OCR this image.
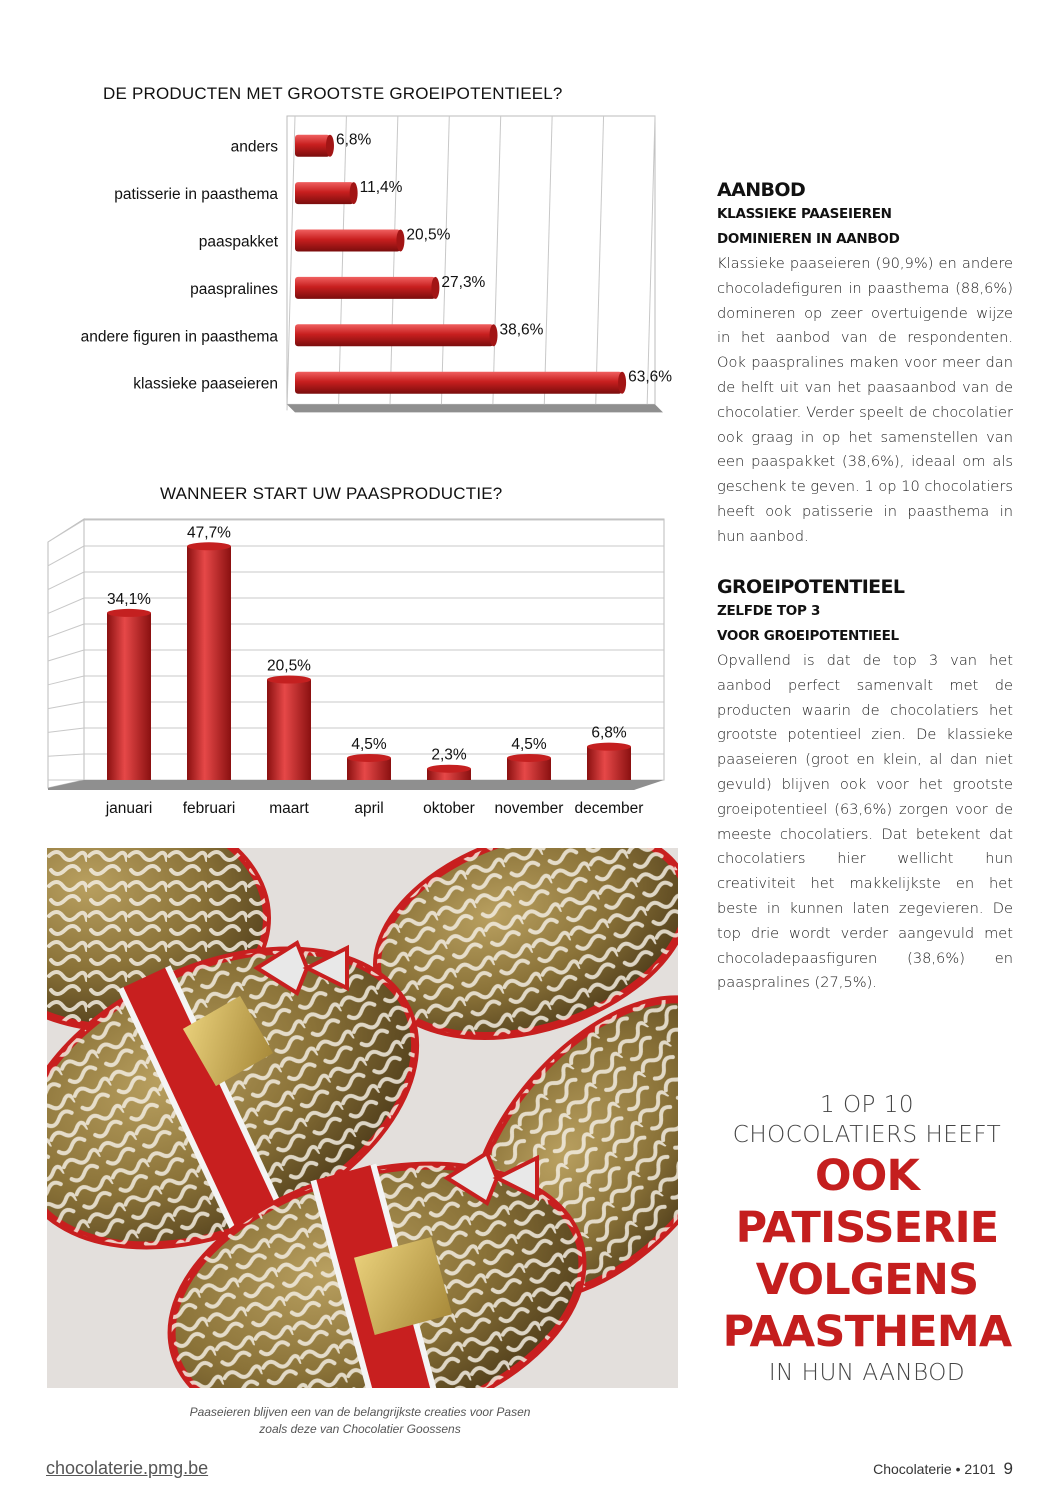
DE PRODUCTEN MET GROOTSTE GROEIPOTENTIEEL?
anders	6,8%
patisserie in paasthema	11,4%
paaspakket	20,5%
paaspralines	27,3%
andere figuren in paasthema	38,6%
klassieke paaseieren	63,6%
WANNEER START UW PAASPRODUCTIE?
34,1%
januari
47,7%
februari
20,5%
maart
4,5%
april
2,3%
oktober
4,5%
november
6,8%
december
AANBOD
KLASSIEKE PAASEIEREN
DOMINIEREN IN AANBOD

Klassieke paaseieren (90,9%) en andere chocoladefiguren in paasthema (88,6%) domineren op zeer overtuigende wijze in het aanbod van de respondenten. Ook paaspralines maken voor meer dan de helft uit van het paasaanbod van de chocolatier. Verder speelt de chocolatier ook graag in op het samenstellen van een paaspakket (38,6%), ideaal om als geschenk te geven. 1 op 10 chocolatiers heeft ook patisserie in paasthema in hun aanbod.

GROEIPOTENTIEEL
ZELFDE TOP 3
VOOR GROEIPOTENTIEEL

Opvallend is dat de top 3 van het aanbod perfect samenvalt met de producten waarin de chocolatiers het grootste potentieel zien. De klassieke paaseieren (groot en klein, al dan niet gevuld) blijven ook voor het grootste groeipotentieel (63,6%) zorgen voor de meeste chocolatiers. Dat betekent dat chocolatiers hier wellicht hun creativiteit het makkelijkste en het beste in kunnen laten zegevieren. De top drie wordt verder aangevuld met chocoladepaasfiguren (38,6%) en paaspralines (27,5%).

1 OP 10
CHOCOLATIERS HEEFT
OOK
PATISSERIE
VOLGENS
PAASTHEMA
IN HUN AANBOD
Paaseieren blijven een van de belangrijkste creaties voor Pasen
zoals deze van Chocolatier Goossens
chocolaterie.pmg.be	Chocolaterie • 2101 9
